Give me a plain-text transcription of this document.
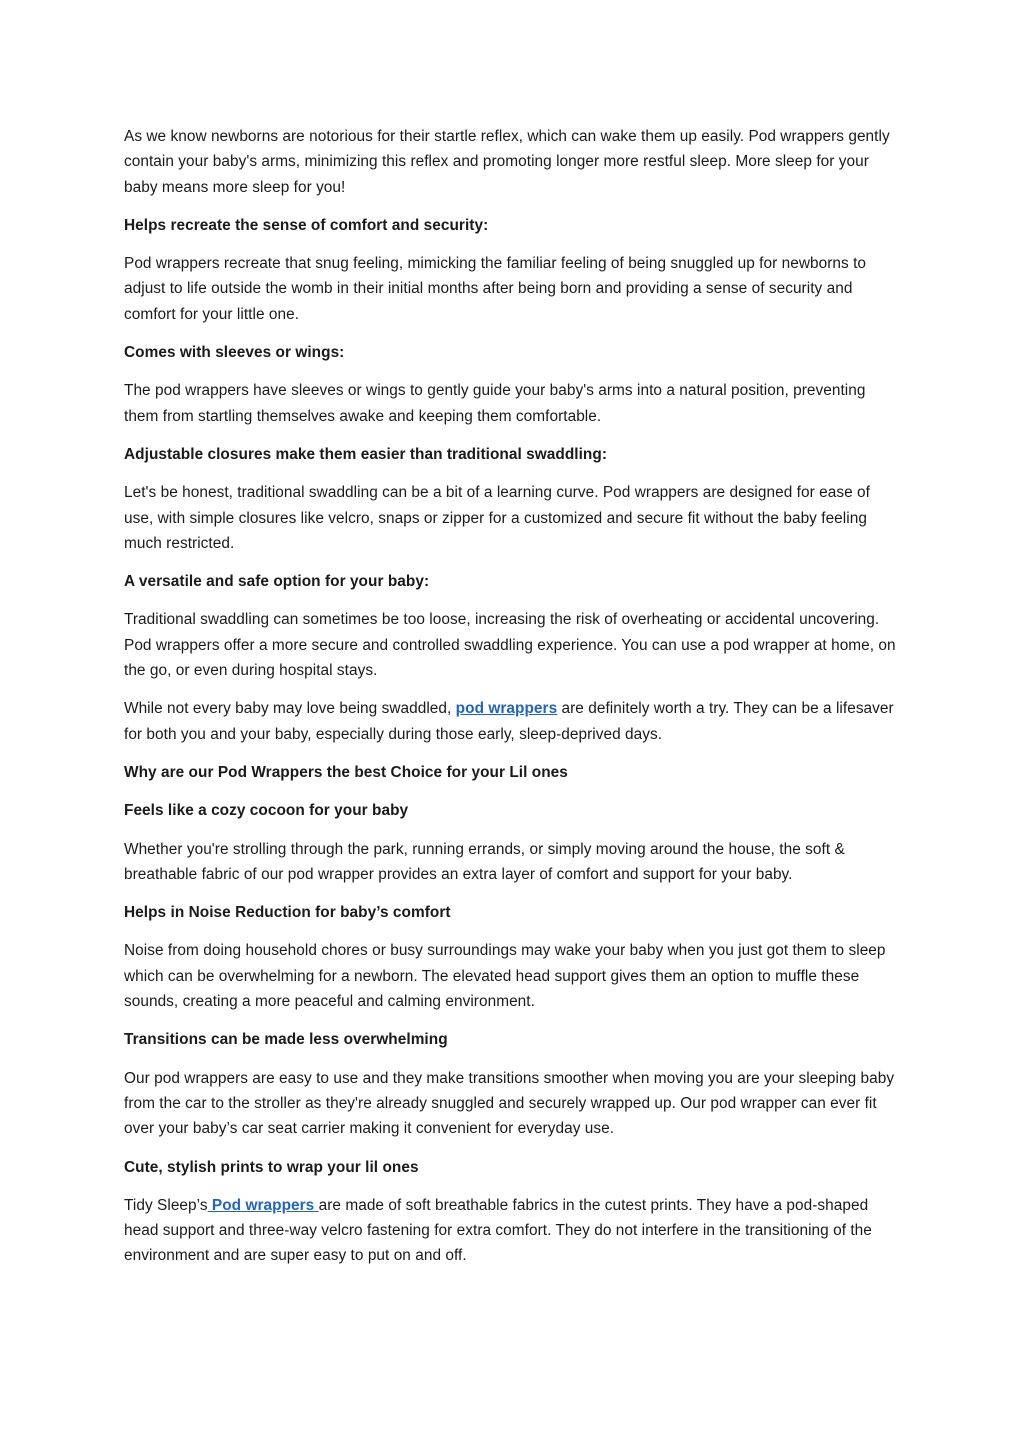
As we know newborns are notorious for their startle reflex, which can wake them up easily. Pod wrappers gently contain your baby's arms, minimizing this reflex and promoting longer more restful sleep. More sleep for your baby means more sleep for you!

Helps recreate the sense of comfort and security:

Pod wrappers recreate that snug feeling, mimicking the familiar feeling of being snuggled up for newborns to adjust to life outside the womb in their initial months after being born and providing a sense of security and comfort for your little one.

Comes with sleeves or wings:

The pod wrappers have sleeves or wings to gently guide your baby's arms into a natural position, preventing them from startling themselves awake and keeping them comfortable.

Adjustable closures make them easier than traditional swaddling:

Let's be honest, traditional swaddling can be a bit of a learning curve. Pod wrappers are designed for ease of use, with simple closures like velcro, snaps or zipper for a customized and secure fit without the baby feeling much restricted.

A versatile and safe option for your baby:

Traditional swaddling can sometimes be too loose, increasing the risk of overheating or accidental uncovering. Pod wrappers offer a more secure and controlled swaddling experience. You can use a pod wrapper at home, on the go, or even during hospital stays.

While not every baby may love being swaddled, pod wrappers are definitely worth a try. They can be a lifesaver for both you and your baby, especially during those early, sleep-deprived days.

Why are our Pod Wrappers the best Choice for your Lil ones

Feels like a cozy cocoon for your baby

Whether you're strolling through the park, running errands, or simply moving around the house, the soft & breathable fabric of our pod wrapper provides an extra layer of comfort and support for your baby.

Helps in Noise Reduction for baby’s comfort

Noise from doing household chores or busy surroundings may wake your baby when you just got them to sleep which can be overwhelming for a newborn. The elevated head support gives them an option to muffle these sounds, creating a more peaceful and calming environment.

Transitions can be made less overwhelming

Our pod wrappers are easy to use and they make transitions smoother when moving you are your sleeping baby from the car to the stroller as they're already snuggled and securely wrapped up. Our pod wrapper can ever fit over your baby’s car seat carrier making it convenient for everyday use.

Cute, stylish prints to wrap your lil ones

Tidy Sleep’s Pod wrappers are made of soft breathable fabrics in the cutest prints. They have a pod-shaped head support and three-way velcro fastening for extra comfort. They do not interfere in the transitioning of the environment and are super easy to put on and off.
